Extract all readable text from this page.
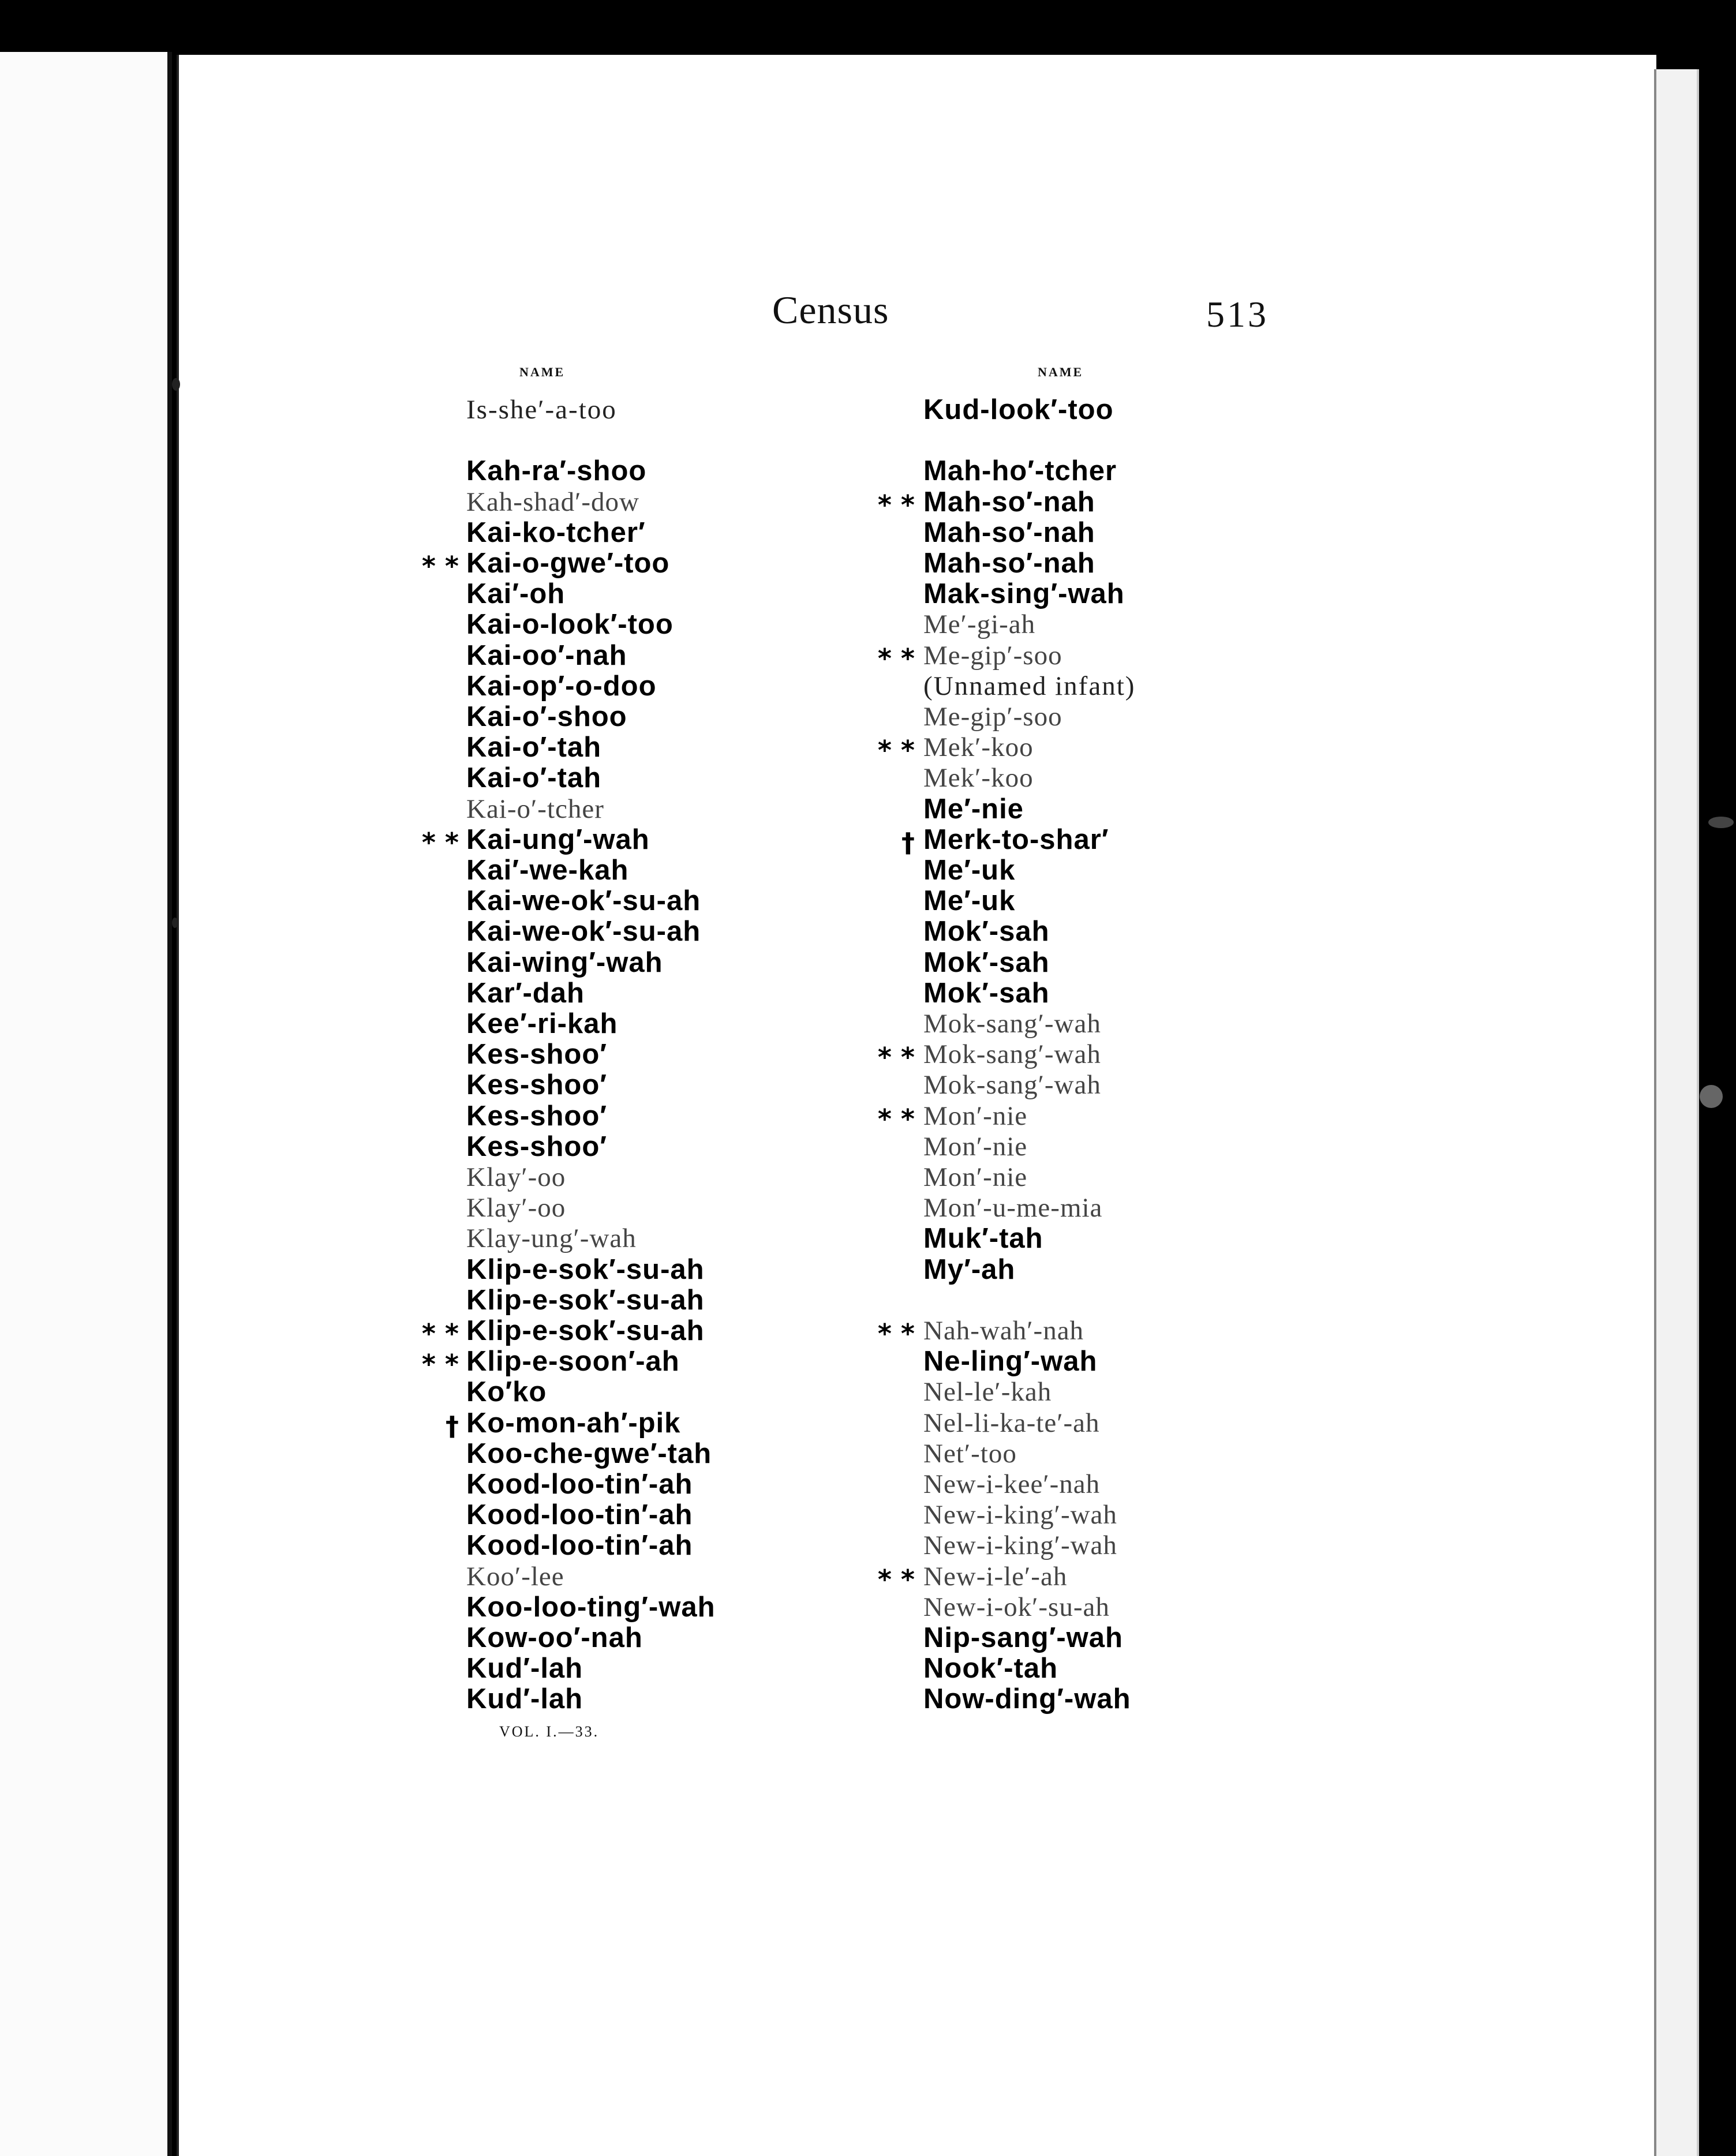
Census	513
NAME	NAME
Is-she′-a-too
Kah-ra′-shoo
Kah-shad′-dow
Kai-ko-tcher′
Kai-o-gwe′-too
* *
Kai′-oh
Kai-o-look′-too
Kai-oo′-nah
Kai-op′-o-doo
Kai-o′-shoo
Kai-o′-tah
Kai-o′-tah
Kai-o′-tcher
Kai-ung′-wah
* *
Kai′-we-kah
Kai-we-ok′-su-ah
Kai-we-ok′-su-ah
Kai-wing′-wah
Kar′-dah
Kee′-ri-kah
Kes-shoo′
Kes-shoo′
Kes-shoo′
Kes-shoo′
Klay′-oo
Klay′-oo
Klay-ung′-wah
Klip-e-sok′-su-ah
Klip-e-sok′-su-ah
Klip-e-sok′-su-ah
* *
Klip-e-soon′-ah
* *
Ko′ko
Ko-mon-ah′-pik
†
Koo-che-gwe′-tah
Kood-loo-tin′-ah
Kood-loo-tin′-ah
Kood-loo-tin′-ah
Koo′-lee
Koo-loo-ting′-wah
Kow-oo′-nah
Kud′-lah
Kud′-lah
Kud-look′-too
Mah-ho′-tcher
Mah-so′-nah
* *
Mah-so′-nah
Mah-so′-nah
Mak-sing′-wah
Me′-gi-ah
Me-gip′-soo
* *
(Unnamed infant)
Me-gip′-soo
Mek′-koo
* *
Mek′-koo
Me′-nie
Merk-to-shar′
†
Me′-uk
Me′-uk
Mok′-sah
Mok′-sah
Mok′-sah
Mok-sang′-wah
Mok-sang′-wah
* *
Mok-sang′-wah
Mon′-nie
* *
Mon′-nie
Mon′-nie
Mon′-u-me-mia
Muk′-tah
My′-ah
Nah-wah′-nah
* *
Ne-ling′-wah
Nel-le′-kah
Nel-li-ka-te′-ah
Net′-too
New-i-kee′-nah
New-i-king′-wah
New-i-king′-wah
New-i-le′-ah
* *
New-i-ok′-su-ah
Nip-sang′-wah
Nook′-tah
Now-ding′-wah
VOL. I.—33.
